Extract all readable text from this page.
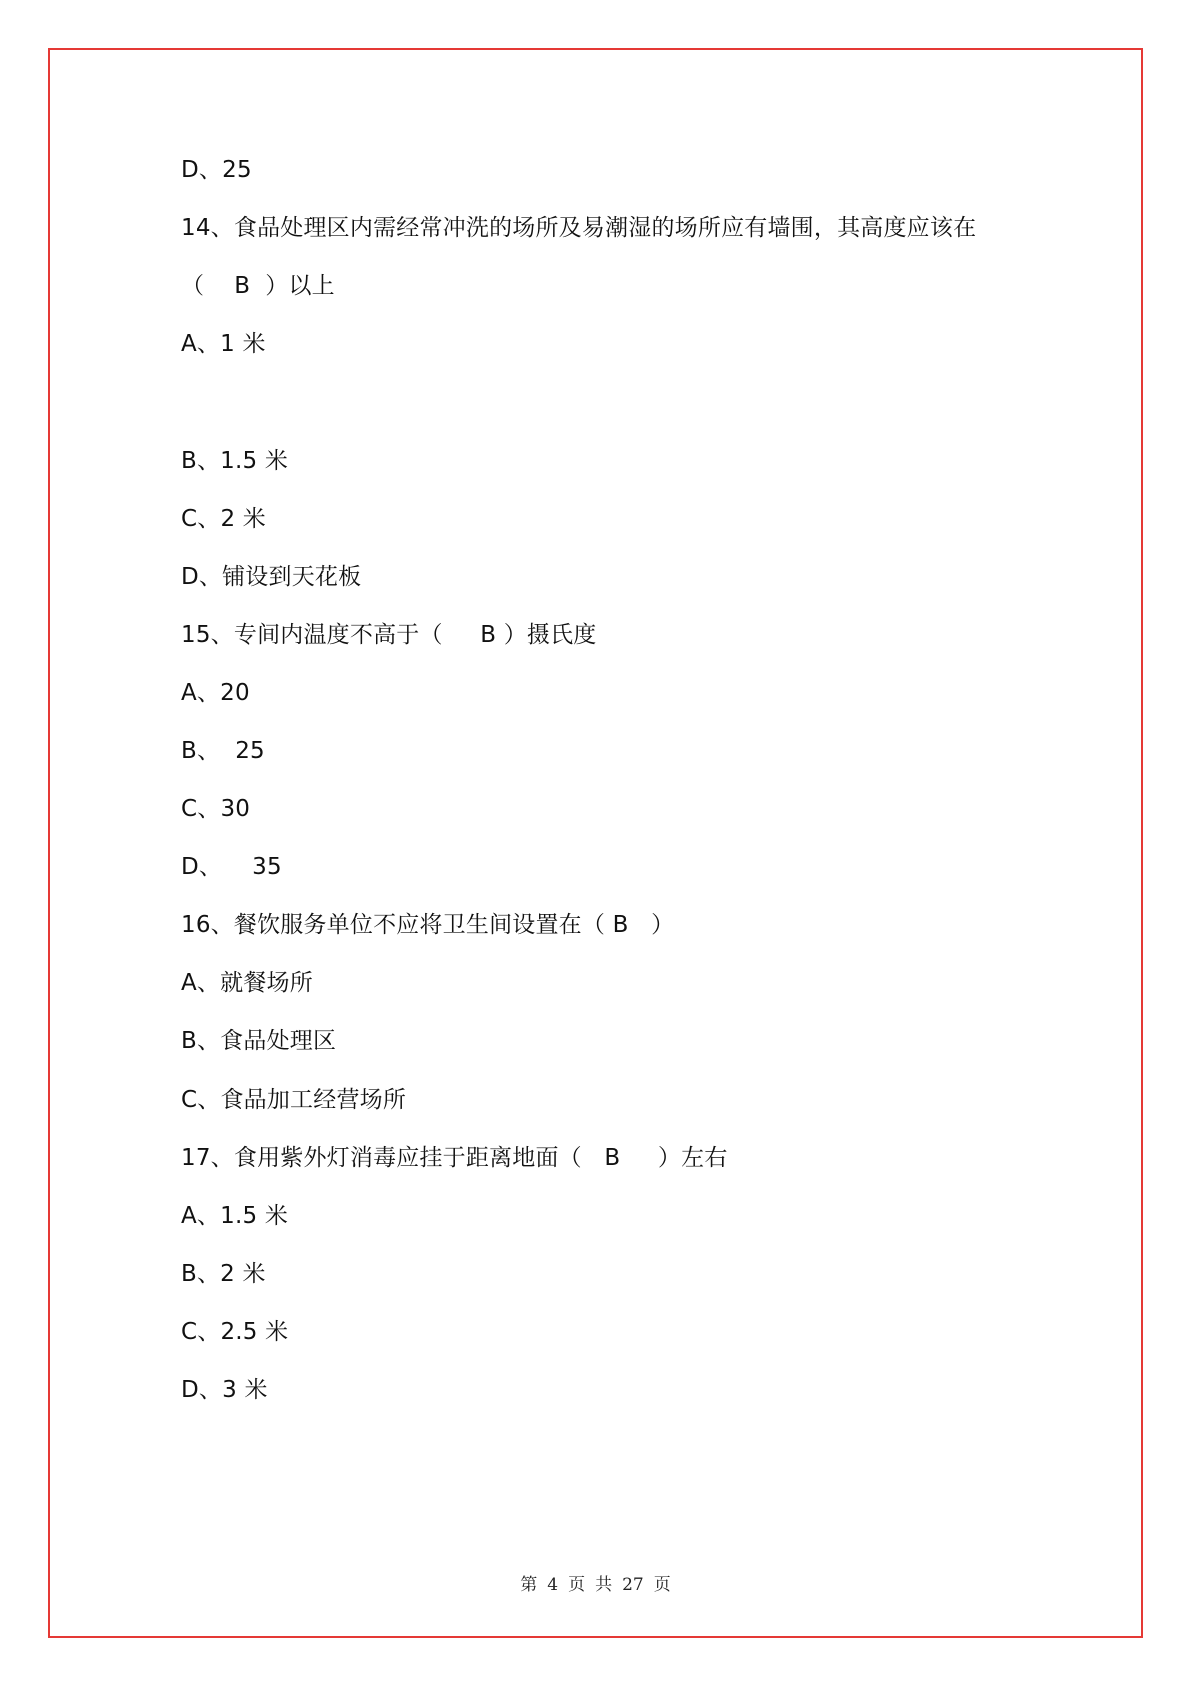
D、25
14、食品处理区内需经常冲洗的场所及易潮湿的场所应有墙围，其高度应该在
（    B  ）以上
A、1 米
B、1.5 米
C、2 米
D、铺设到天花板
15、专间内温度不高于（     B ）摄氏度
A、20
B、  25
C、30
D、    35
16、餐饮服务单位不应将卫生间设置在（ B   ）
A、就餐场所
B、食品处理区
C、食品加工经营场所
17、食用紫外灯消毒应挂于距离地面（   B     ）左右
A、1.5 米
B、2 米
C、2.5 米
D、3 米
第 4 页 共 27 页
